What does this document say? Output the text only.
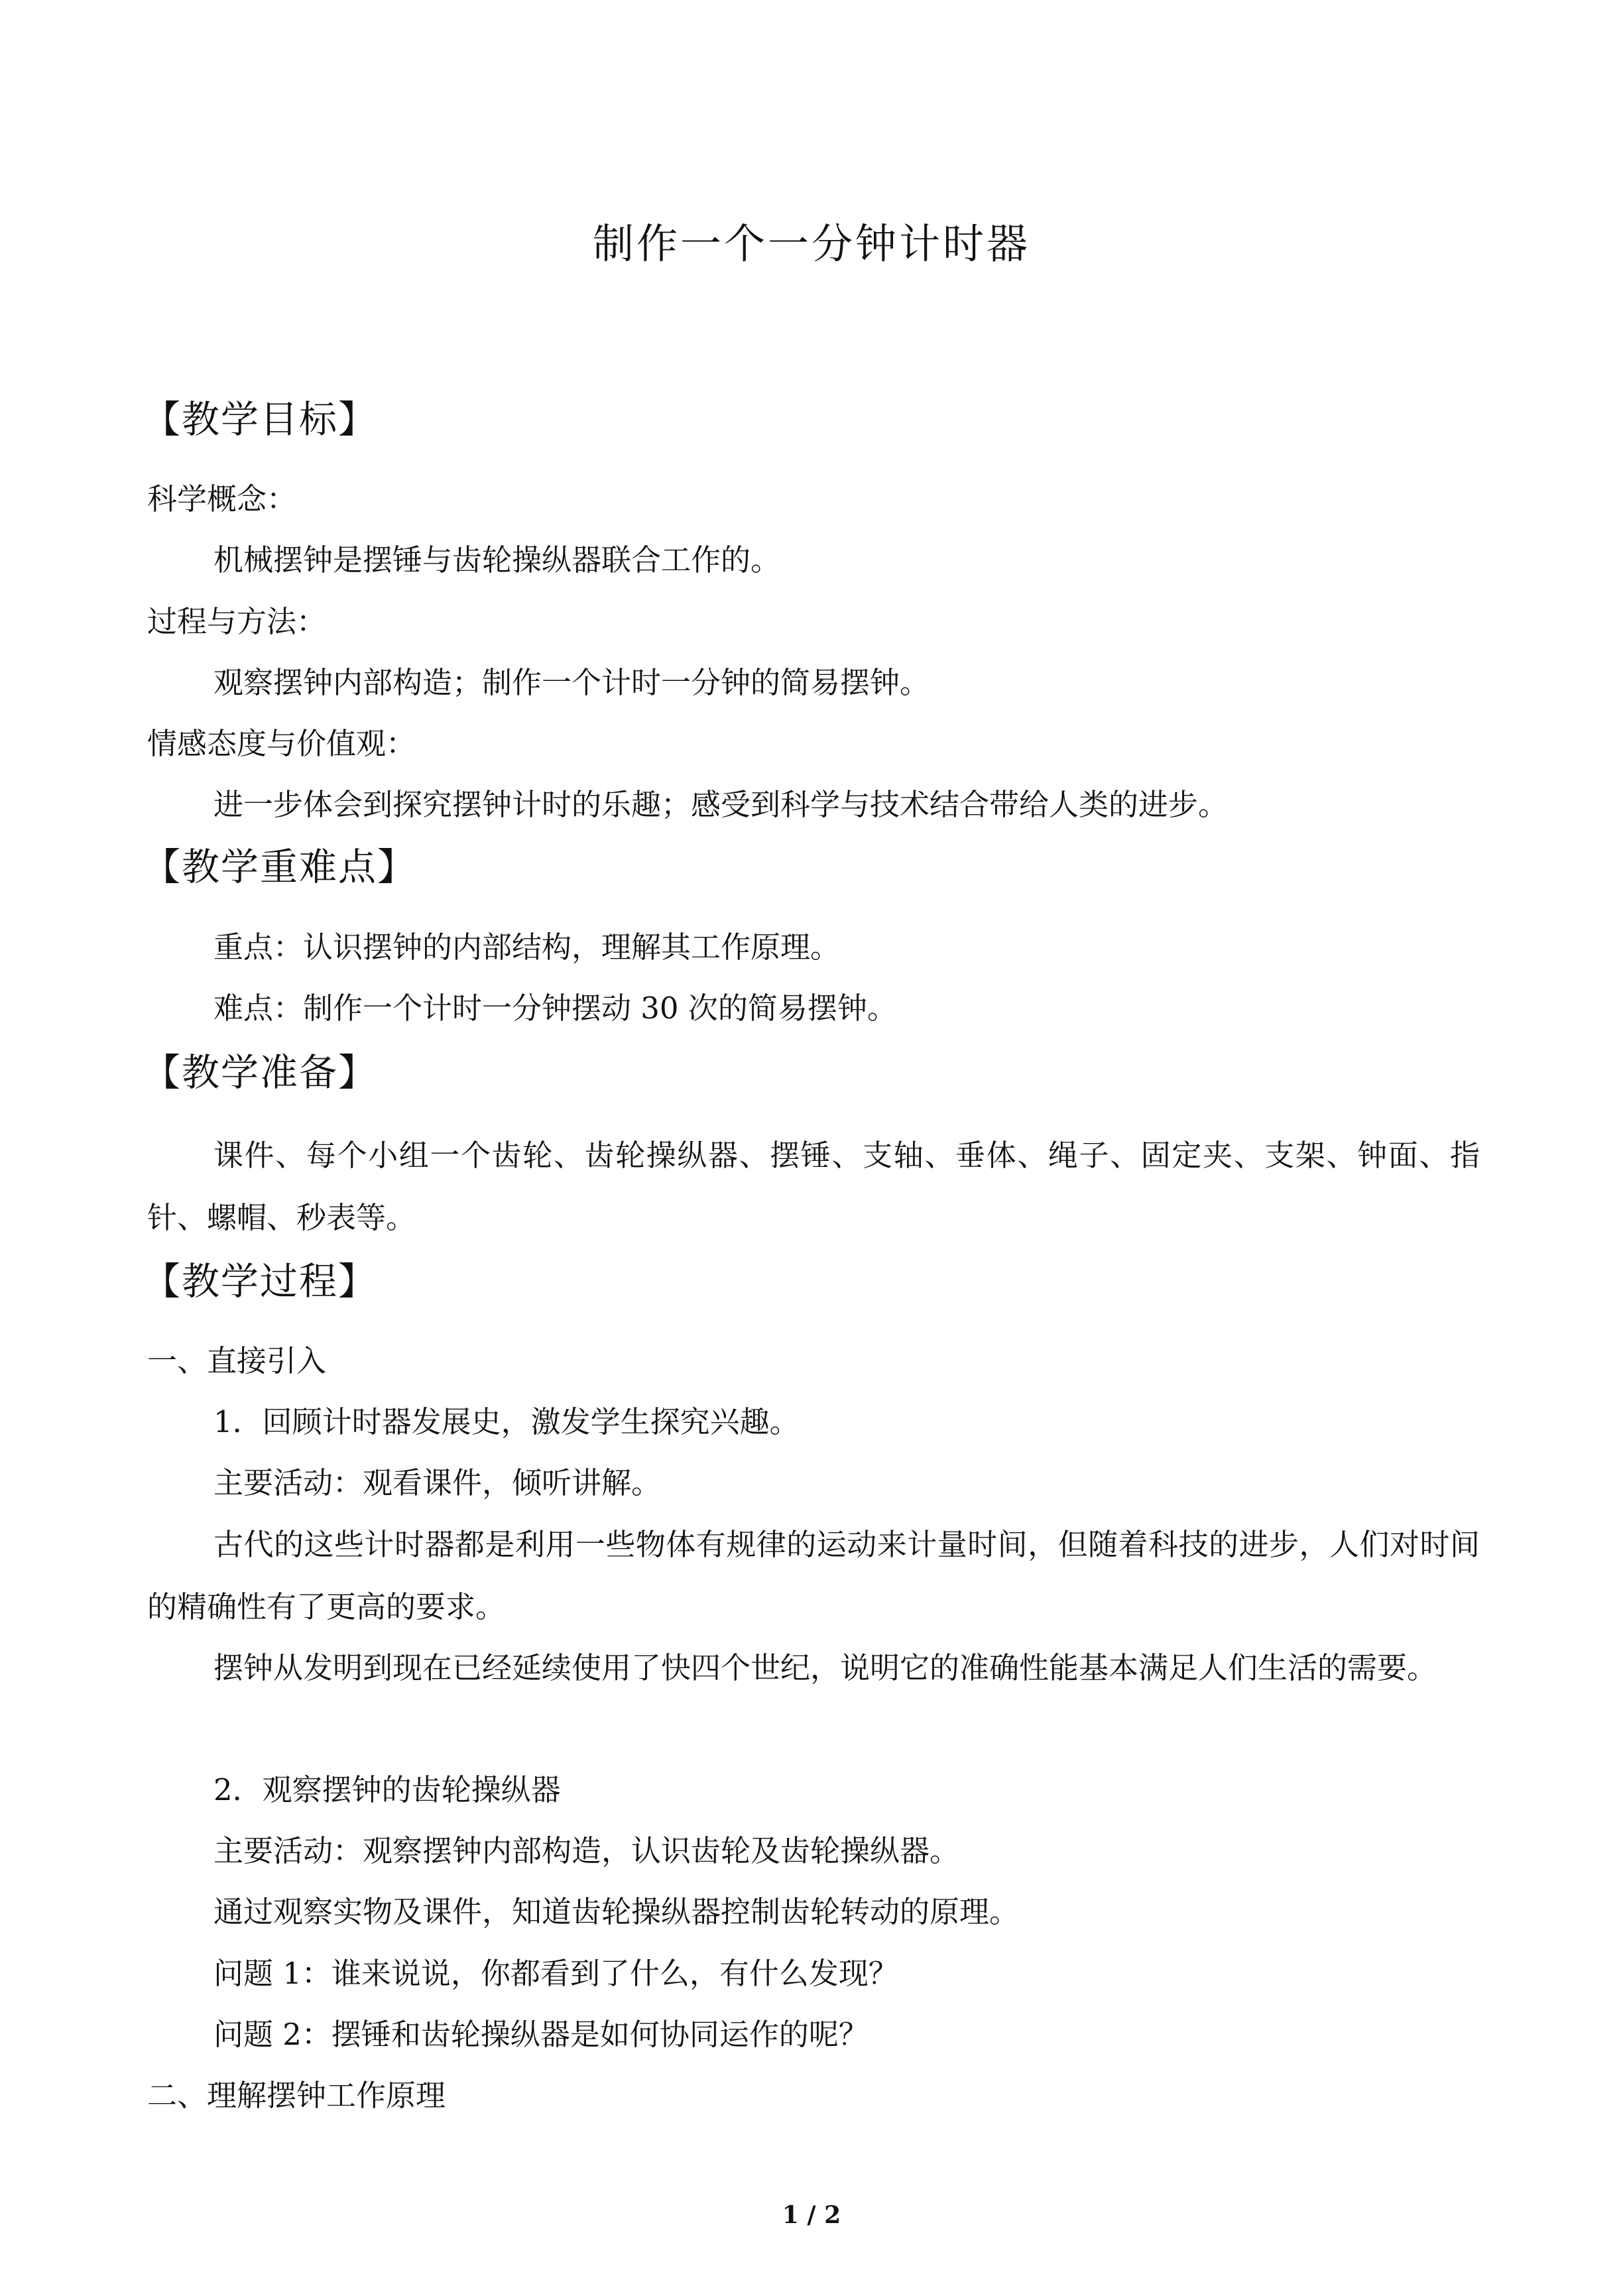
制作一个一分钟计时器
【教学目标】
科学概念：
机械摆钟是摆锤与齿轮操纵器联合工作的。
过程与方法：
观察摆钟内部构造；制作一个计时一分钟的简易摆钟。
情感态度与价值观：
进一步体会到探究摆钟计时的乐趣；感受到科学与技术结合带给人类的进步。
【教学重难点】
重点：认识摆钟的内部结构，理解其工作原理。
难点：制作一个计时一分钟摆动 30 次的简易摆钟。
【教学准备】
课件、每个小组一个齿轮、齿轮操纵器、摆锤、支轴、垂体、绳子、固定夹、支架、钟面、指针、螺帽、秒表等。
【教学过程】
一、直接引入
1．回顾计时器发展史，激发学生探究兴趣。
主要活动：观看课件，倾听讲解。
古代的这些计时器都是利用一些物体有规律的运动来计量时间，但随着科技的进步，人们对时间的精确性有了更高的要求。
摆钟从发明到现在已经延续使用了快四个世纪，说明它的准确性能基本满足人们生活的需要。
2．观察摆钟的齿轮操纵器
主要活动：观察摆钟内部构造，认识齿轮及齿轮操纵器。
通过观察实物及课件，知道齿轮操纵器控制齿轮转动的原理。
问题 1：谁来说说，你都看到了什么，有什么发现？
问题 2：摆锤和齿轮操纵器是如何协同运作的呢？
二、理解摆钟工作原理
1 / 2
